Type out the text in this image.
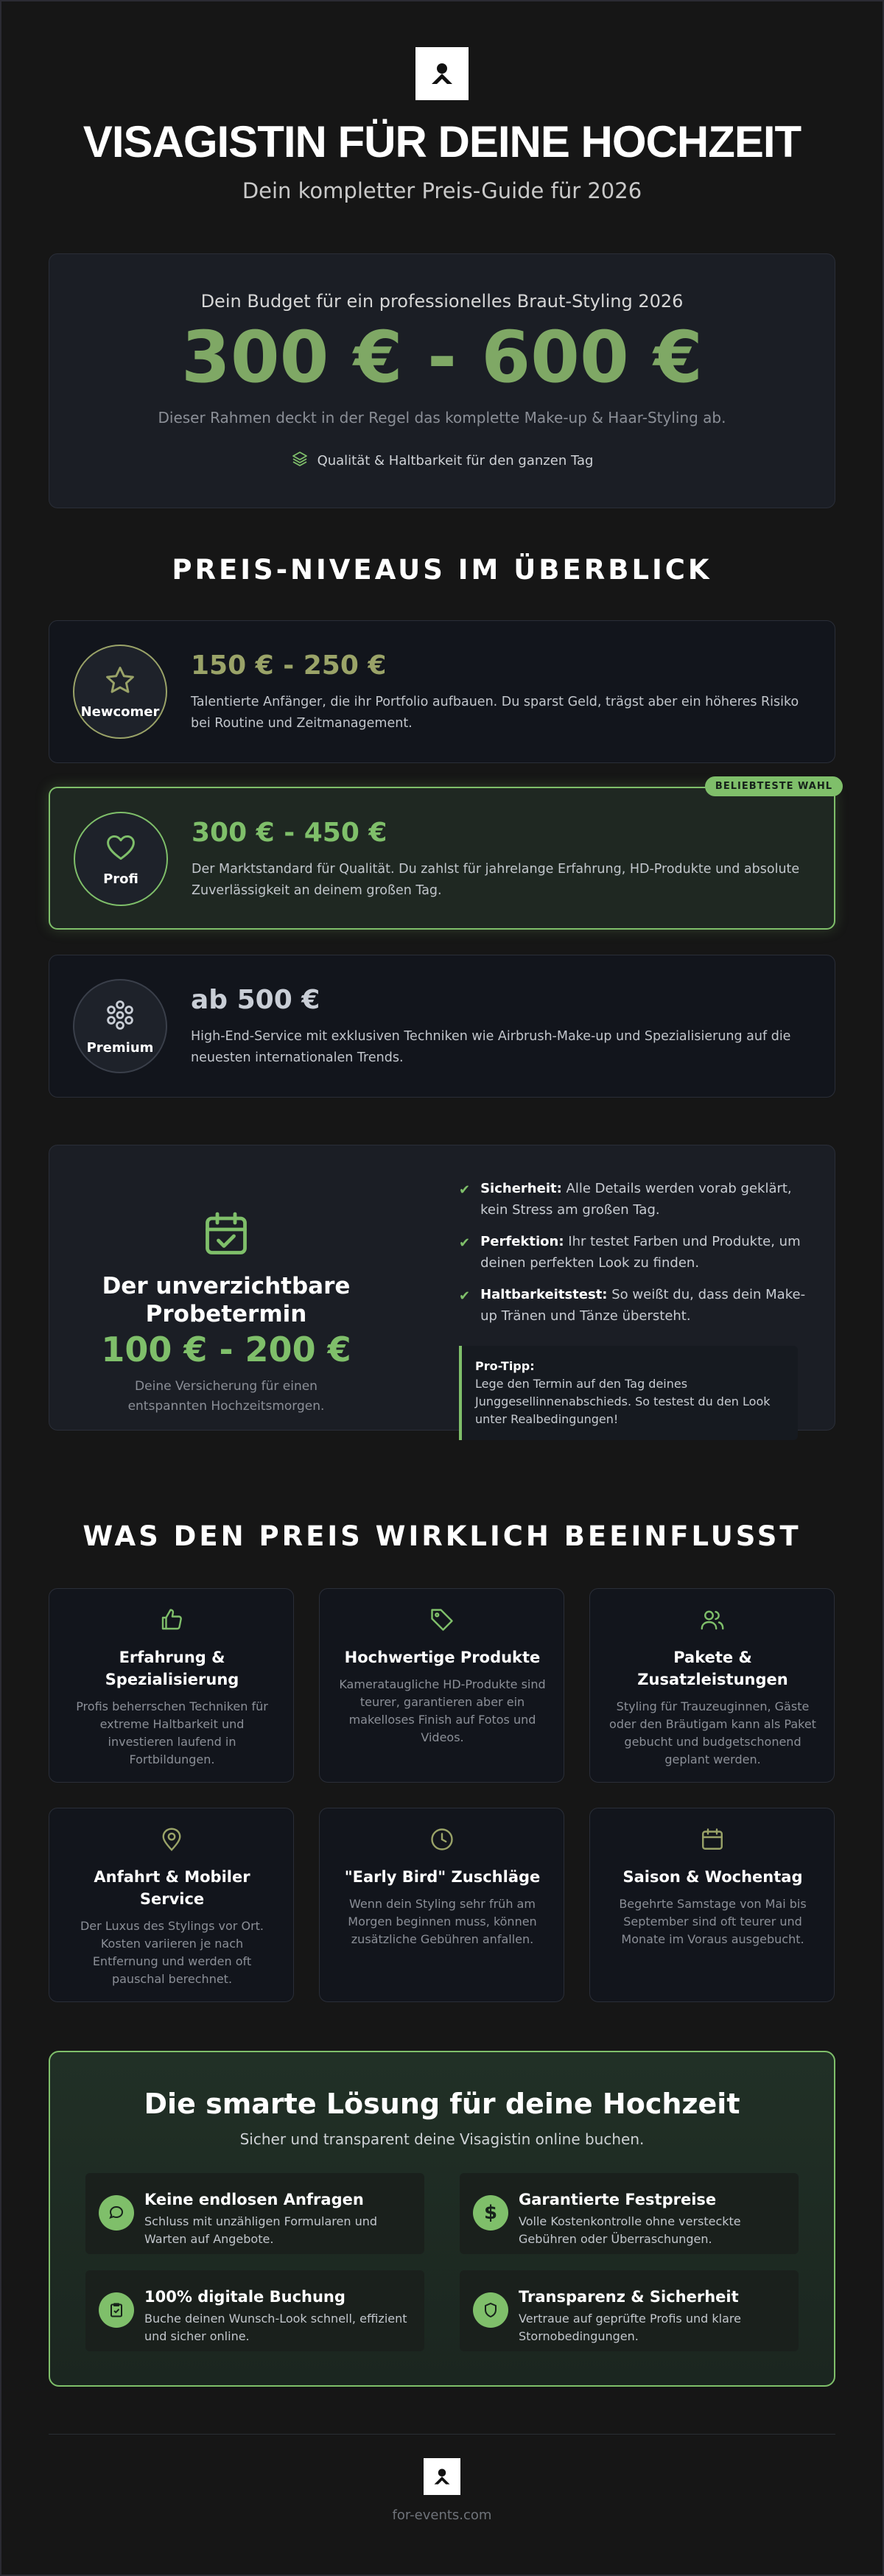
VISAGISTIN FÜR DEINE HOCHZEIT
Dein kompletter Preis-Guide für 2026
Dein Budget für ein professionelles Braut-Styling 2026
300 € - 600 €
Dieser Rahmen deckt in der Regel das komplette Make-up & Haar-Styling ab.
Qualität & Haltbarkeit für den ganzen Tag
PREIS-NIVEAUS IM ÜBERBLICK
Newcomer
150 € - 250 €
Talentierte Anfänger, die ihr Portfolio aufbauen. Du sparst Geld, trägst aber ein höheres Risiko bei Routine und Zeitmanagement.
BELIEBTESTE WAHL
Profi
300 € - 450 €
Der Marktstandard für Qualität. Du zahlst für jahrelange Erfahrung, HD-Produkte und absolute Zuverlässigkeit an deinem großen Tag.
Premium
ab 500 €
High-End-Service mit exklusiven Techniken wie Airbrush-Make-up und Spezialisierung auf die neuesten internationalen Trends.
Der unverzichtbare Probetermin
100 € - 200 €
Deine Versicherung für einen entspannten Hochzeitsmorgen.
✔ Sicherheit: Alle Details werden vorab geklärt, kein Stress am großen Tag.
✔ Perfektion: Ihr testet Farben und Produkte, um deinen perfekten Look zu finden.
✔ Haltbarkeitstest: So weißt du, dass dein Make-up Tränen und Tänze übersteht.
Pro-Tipp:
Lege den Termin auf den Tag deines Junggesellinnenabschieds. So testest du den Look unter Realbedingungen!
WAS DEN PREIS WIRKLICH BEEINFLUSST
Erfahrung & Spezialisierung
Profis beherrschen Techniken für extreme Haltbarkeit und investieren laufend in Fortbildungen.
Hochwertige Produkte
Kamerataugliche HD-Produkte sind teurer, garantieren aber ein makelloses Finish auf Fotos und Videos.
Pakete & Zusatzleistungen
Styling für Trauzeuginnen, Gäste oder den Bräutigam kann als Paket gebucht und budgetschonend geplant werden.
Anfahrt & Mobiler Service
Der Luxus des Stylings vor Ort. Kosten variieren je nach Entfernung und werden oft pauschal berechnet.
"Early Bird" Zuschläge
Wenn dein Styling sehr früh am Morgen beginnen muss, können zusätzliche Gebühren anfallen.
Saison & Wochentag
Begehrte Samstage von Mai bis September sind oft teurer und Monate im Voraus ausgebucht.
Die smarte Lösung für deine Hochzeit
Sicher und transparent deine Visagistin online buchen.
Keine endlosen Anfragen
Schluss mit unzähligen Formularen und Warten auf Angebote.
$
Garantierte Festpreise
Volle Kostenkontrolle ohne versteckte Gebühren oder Überraschungen.
100% digitale Buchung
Buche deinen Wunsch-Look schnell, effizient und sicher online.
Transparenz & Sicherheit
Vertraue auf geprüfte Profis und klare Stornobedingungen.
for-events.com
